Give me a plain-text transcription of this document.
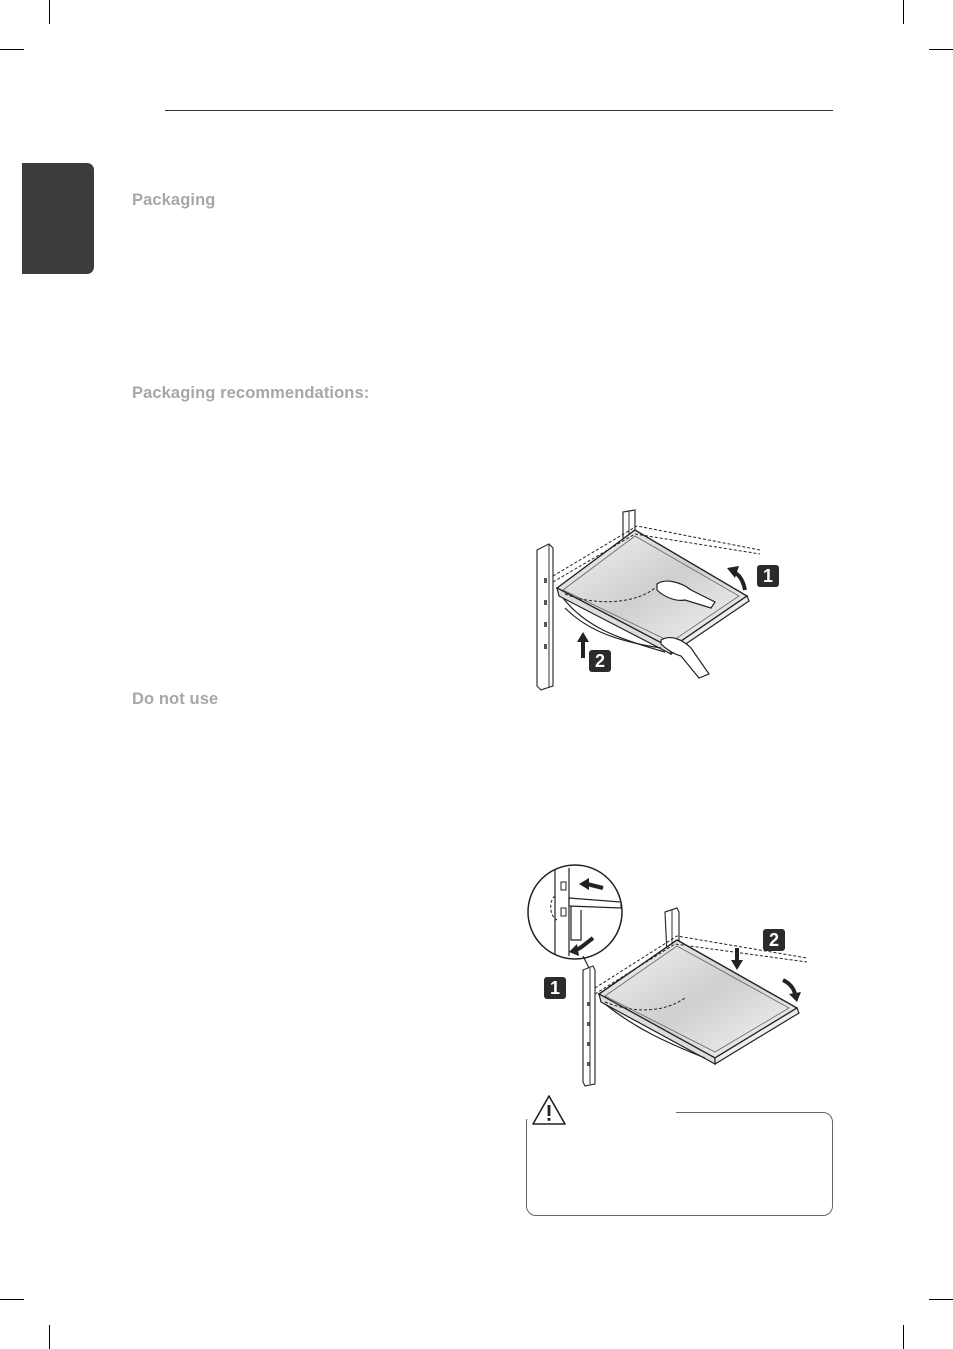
Packaging
Packaging recommendations:
Do not use
1
2
2
1
